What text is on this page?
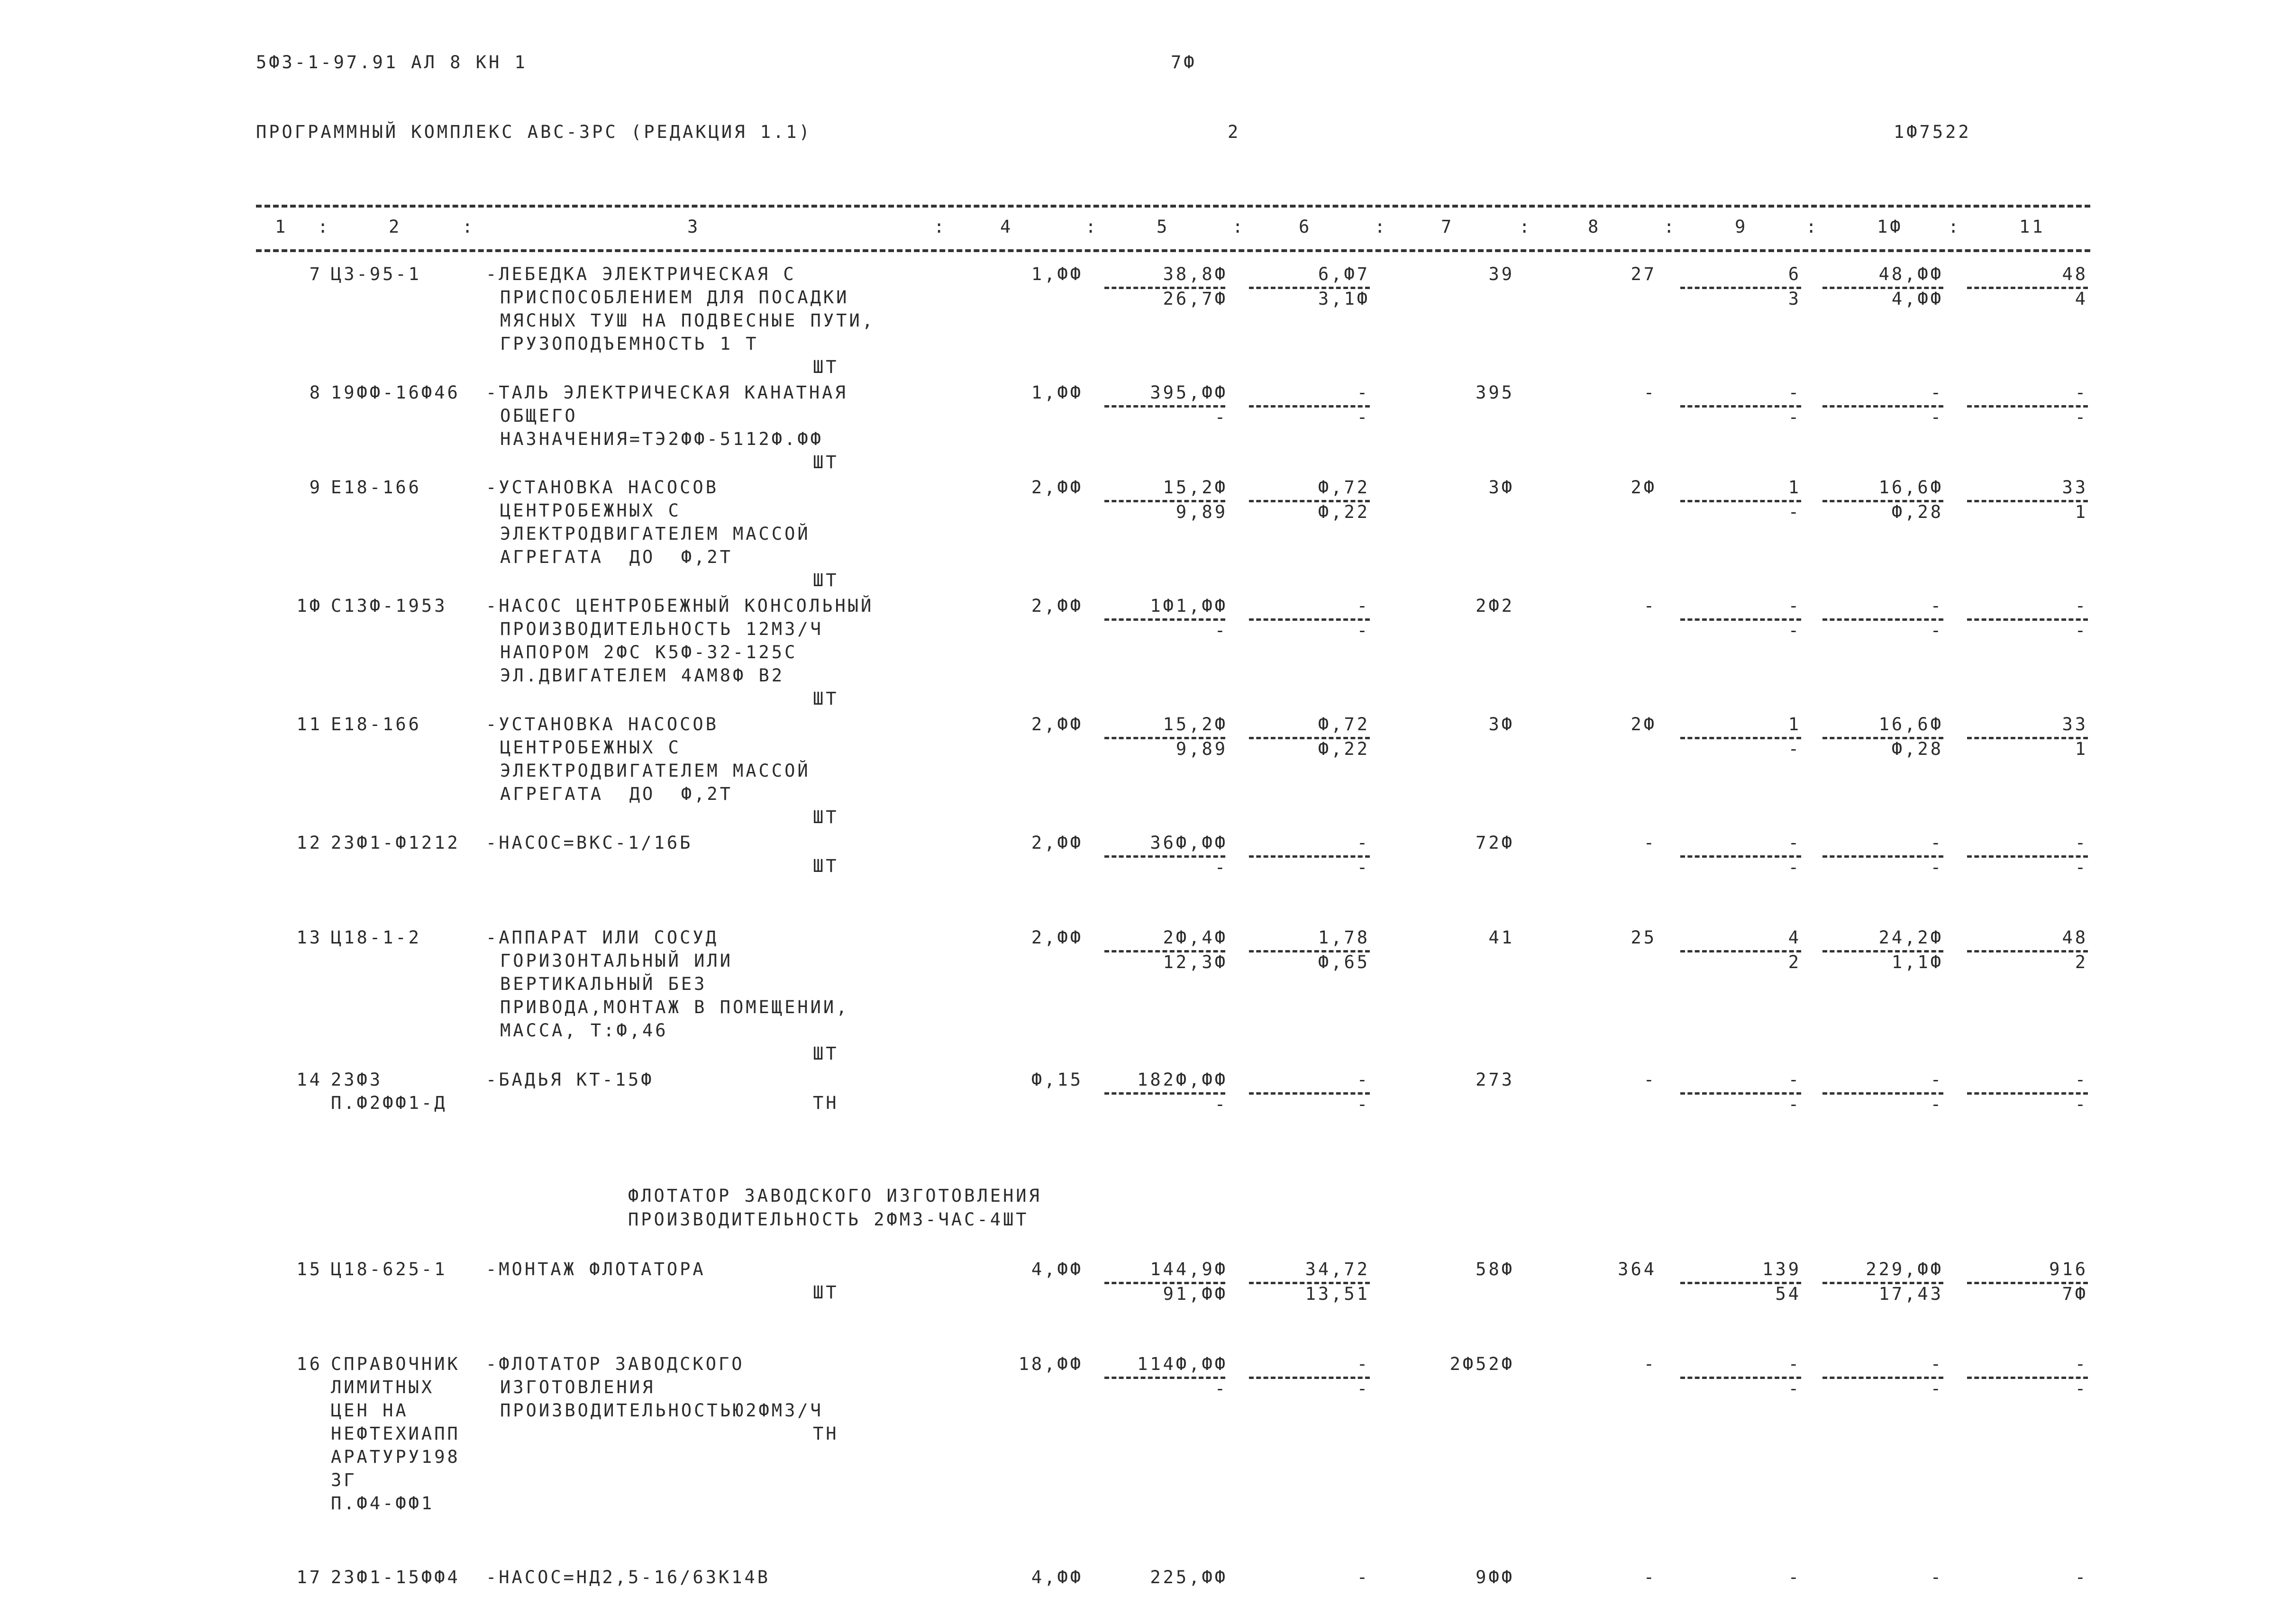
5Ф3-1-97.91 АЛ 8 КН 1	7Ф
ПРОГРАММНЫЙ КОМПЛЕКС АВС-ЗРС (РЕДАКЦИЯ 1.1)	2	1Ф7522
1	2	3	4	5	6	7	8	9	1Ф	11
:	:	:	:	:	:	:	:	:	:
7 Ц3-95-1	-ЛЕБЕДКА ЭЛЕКТРИЧЕСКАЯ С
ПРИСПОСОБЛЕНИЕМ ДЛЯ ПОСАДКИ
МЯСНЫХ ТУШ НА ПОДВЕСНЫЕ ПУТИ,
ГРУЗОПОДЪЕМНОСТЬ 1 Т
ШТ
1,ФФ	38,8Ф	6,Ф7	39	27	6	48,ФФ	48
26,7Ф	3,1Ф	3	4,ФФ	4
8 19ФФ-16Ф46 -ТАЛЬ ЭЛЕКТРИЧЕСКАЯ КАНАТНАЯ
ОБЩЕГО
НАЗНАЧЕНИЯ=ТЭ2ФФ-5112Ф.ФФ
ШТ
1,ФФ	395,ФФ	-	395	-	-	-	-
-	-	-	-	-
9 Е18-166	-УСТАНОВКА НАСОСОВ
ЦЕНТРОБЕЖНЫХ С
ЭЛЕКТРОДВИГАТЕЛЕМ МАССОЙ
АГРЕГАТА  ДО  Ф,2Т
ШТ
2,ФФ	15,2Ф	Ф,72	3Ф	2Ф	1	16,6Ф	33
9,89	Ф,22	-	Ф,28	1
1Ф С13Ф-1953 -НАСОС ЦЕНТРОБЕЖНЫЙ КОНСОЛЬНЫЙ
ПРОИЗВОДИТЕЛЬНОСТЬ 12М3/Ч
НАПОРОМ 2ФС К5Ф-32-125С
ЭЛ.ДВИГАТЕЛЕМ 4АМ8Ф В2
ШТ
2,ФФ	1Ф1,ФФ	-	2Ф2	-	-	-	-
-	-	-	-	-
11 Е18-166	-УСТАНОВКА НАСОСОВ
ЦЕНТРОБЕЖНЫХ С
ЭЛЕКТРОДВИГАТЕЛЕМ МАССОЙ
АГРЕГАТА  ДО  Ф,2Т
ШТ
2,ФФ	15,2Ф	Ф,72	3Ф	2Ф	1	16,6Ф	33
9,89	Ф,22	-	Ф,28	1
12 23Ф1-Ф1212 -НАСОС=ВКС-1/16Б
ШТ
2,ФФ	36Ф,ФФ	-	72Ф	-	-	-	-
-	-	-	-	-
13 Ц18-1-2	-АППАРАТ ИЛИ СОСУД
ГОРИЗОНТАЛЬНЫЙ ИЛИ
ВЕРТИКАЛЬНЫЙ БЕЗ
ПРИВОДА,МОНТАЖ В ПОМЕЩЕНИИ,
МАССА, Т:Ф,46
ШТ
2,ФФ	2Ф,4Ф	1,78	41	25	4	24,2Ф	48
12,3Ф	Ф,65	2	1,1Ф	2
14 23Ф3
П.Ф2ФФ1-Д
-БАДЬЯ КТ-15Ф
ТН
Ф,15	182Ф,ФФ	-	273	-	-	-	-
-	-	-	-	-
ФЛОТАТОР ЗАВОДСКОГО ИЗГОТОВЛЕНИЯ
ПРОИЗВОДИТЕЛЬНОСТЬ 2ФМ3-ЧАС-4ШТ
15 Ц18-625-1 -МОНТАЖ ФЛОТАТОРА
ШТ
4,ФФ	144,9Ф	34,72	58Ф	364	139	229,ФФ	916
91,ФФ	13,51	54	17,43	7Ф
16 СПРАВОЧНИК
ЛИМИТНЫХ
ЦЕН НА
НЕФТЕХИАПП
АРАТУРУ198
3Г
П.Ф4-ФФ1
-ФЛОТАТОР ЗАВОДСКОГО
ИЗГОТОВЛЕНИЯ
ПРОИЗВОДИТЕЛЬНОСТЬЮ2ФМ3/Ч
ТН
18,ФФ	114Ф,ФФ	-	2Ф52Ф	-	-	-	-
-	-	-	-	-
17 23Ф1-15ФФ4 -НАСОС=НД2,5-16/63К14В	4,ФФ	225,ФФ	-	9ФФ	-	-	-	-
